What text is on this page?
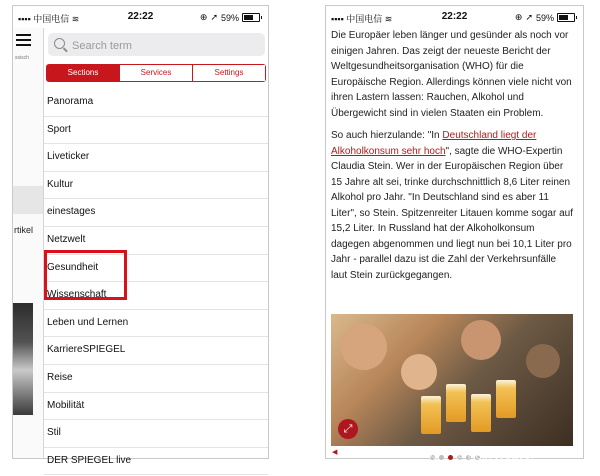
▪▪▪▪ 中国电信 ≋	22:22	⊕ ➚ 59%
ssisch
rtikel
Search term
Sections	Services	Settings
Panorama
Sport
Liveticker
Kultur
einestages
Netzwelt
Gesundheit
Wissenschaft
Leben und Lernen
KarriereSPIEGEL
Reise
Mobilität
Stil
DER SPIEGEL live
▪▪▪▪ 中国电信 ≋	22:22	⊕ ➚ 59%

Die Europäer leben länger und gesünder als noch vor einigen Jahren. Das zeigt der neueste Bericht der Weltgesundheitsorganisation (WHO) für die Europäische Region. Allerdings können viele nicht von ihren Lastern lassen: Rauchen, Alkohol und Übergewicht sind in vielen Staaten ein Problem.

So auch hierzulande: "In Deutschland liegt der Alkoholkonsum sehr hoch", sagte die WHO-Expertin Claudia Stein. Wer in der Europäischen Region über 15 Jahre alt sei, trinke durchschnittlich 8,6 Liter reinen Alkohol pro Jahr. "In Deutschland sind es aber 11 Liter", so Stein. Spitzenreiter Litauen komme sogar auf 15,2 Liter. In Russland hat der Alkoholkonsum dagegen abgenommen und liegt nun bei 10,1 Liter pro Jahr - parallel dazu ist die Zahl der Verkehrsunfälle laut Stein zurückgegangen.

⤢
◀	知乎 @KellyWeaver
